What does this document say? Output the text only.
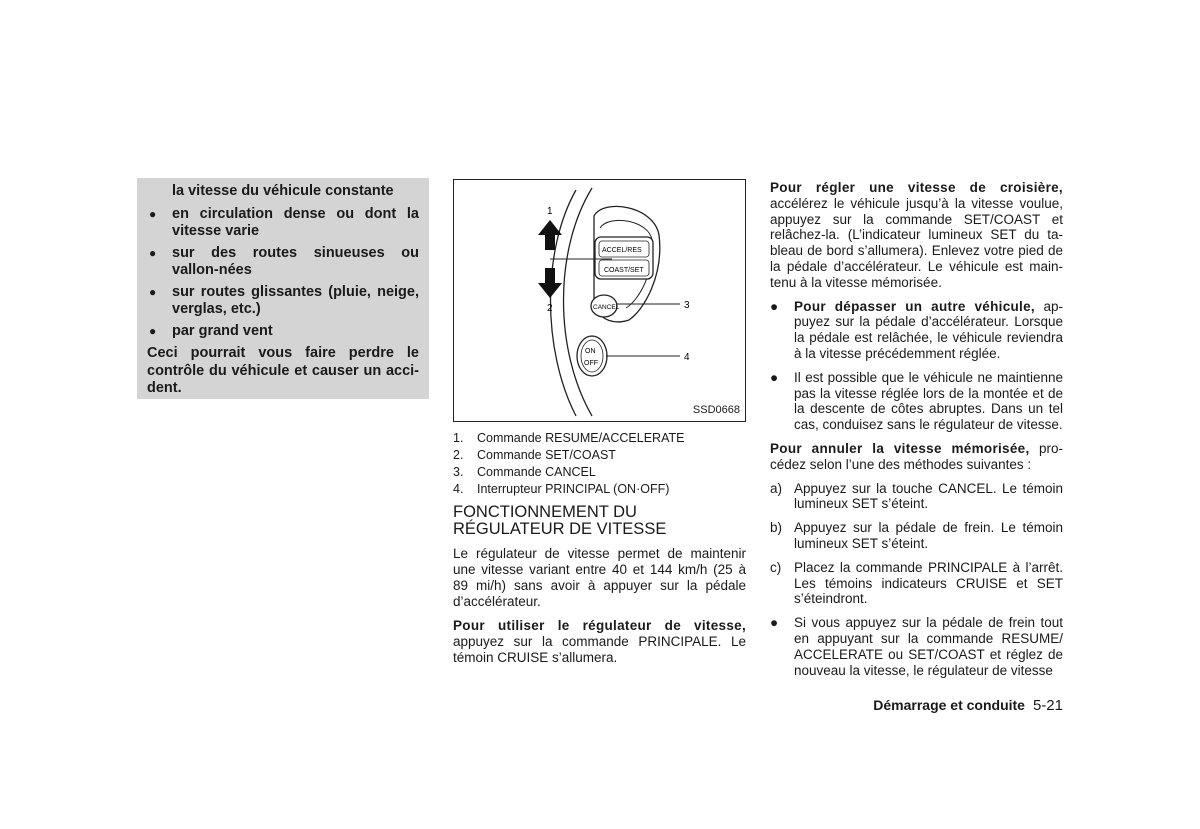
la vitesse du véhicule constante
● en circulation dense ou dont la vitesse varie
● sur des routes sinueuses ou vallon-nées
● sur routes glissantes (pluie, neige, verglas, etc.)
● par grand vent
Ceci pourrait vous faire perdre le contrôle du véhicule et causer un acci-dent.
ACCEL/RES
COAST/SET
CANCEL
ON
OFF
1
2	3
4
SSD0668
1. Commande RESUME/ACCELERATE
2. Commande SET/COAST
3. Commande CANCEL
4. Interrupteur PRINCIPAL (ON·OFF)
FONCTIONNEMENT DU RÉGULATEUR DE VITESSE

Le régulateur de vitesse permet de maintenir une vitesse variant entre 40 et 144 km/h (25 à 89 mi/h) sans avoir à appuyer sur la pédale d’accélérateur.

Pour utiliser le régulateur de vitesse, appuyez sur la commande PRINCIPALE. Le témoin CRUISE s’allumera.

Pour régler une vitesse de croisière, accélérez le véhicule jusqu’à la vitesse voulue, appuyez sur la commande SET/COAST et relâchez-la. (L’indicateur lumineux SET du ta-bleau de bord s’allumera). Enlevez votre pied de la pédale d’accélérateur. Le véhicule est main-tenu à la vitesse mémorisée.

● Pour dépasser un autre véhicule, ap-puyez sur la pédale d’accélérateur. Lorsque la pédale est relâchée, le véhicule reviendra à la vitesse précédemment réglée.
● Il est possible que le véhicule ne maintienne pas la vitesse réglée lors de la montée et de la descente de côtes abruptes. Dans un tel cas, conduisez sans le régulateur de vitesse.

Pour annuler la vitesse mémorisée, pro-cédez selon l’une des méthodes suivantes :

a) Appuyez sur la touche CANCEL. Le témoin lumineux SET s’éteint.
b) Appuyez sur la pédale de frein. Le témoin lumineux SET s’éteint.
c) Placez la commande PRINCIPALE à l’arrêt. Les témoins indicateurs CRUISE et SET s’éteindront.
● Si vous appuyez sur la pédale de frein tout en appuyant sur la commande RESUME/ ACCELERATE ou SET/COAST et réglez de nouveau la vitesse, le régulateur de vitesse
Démarrage et conduite 5-21
